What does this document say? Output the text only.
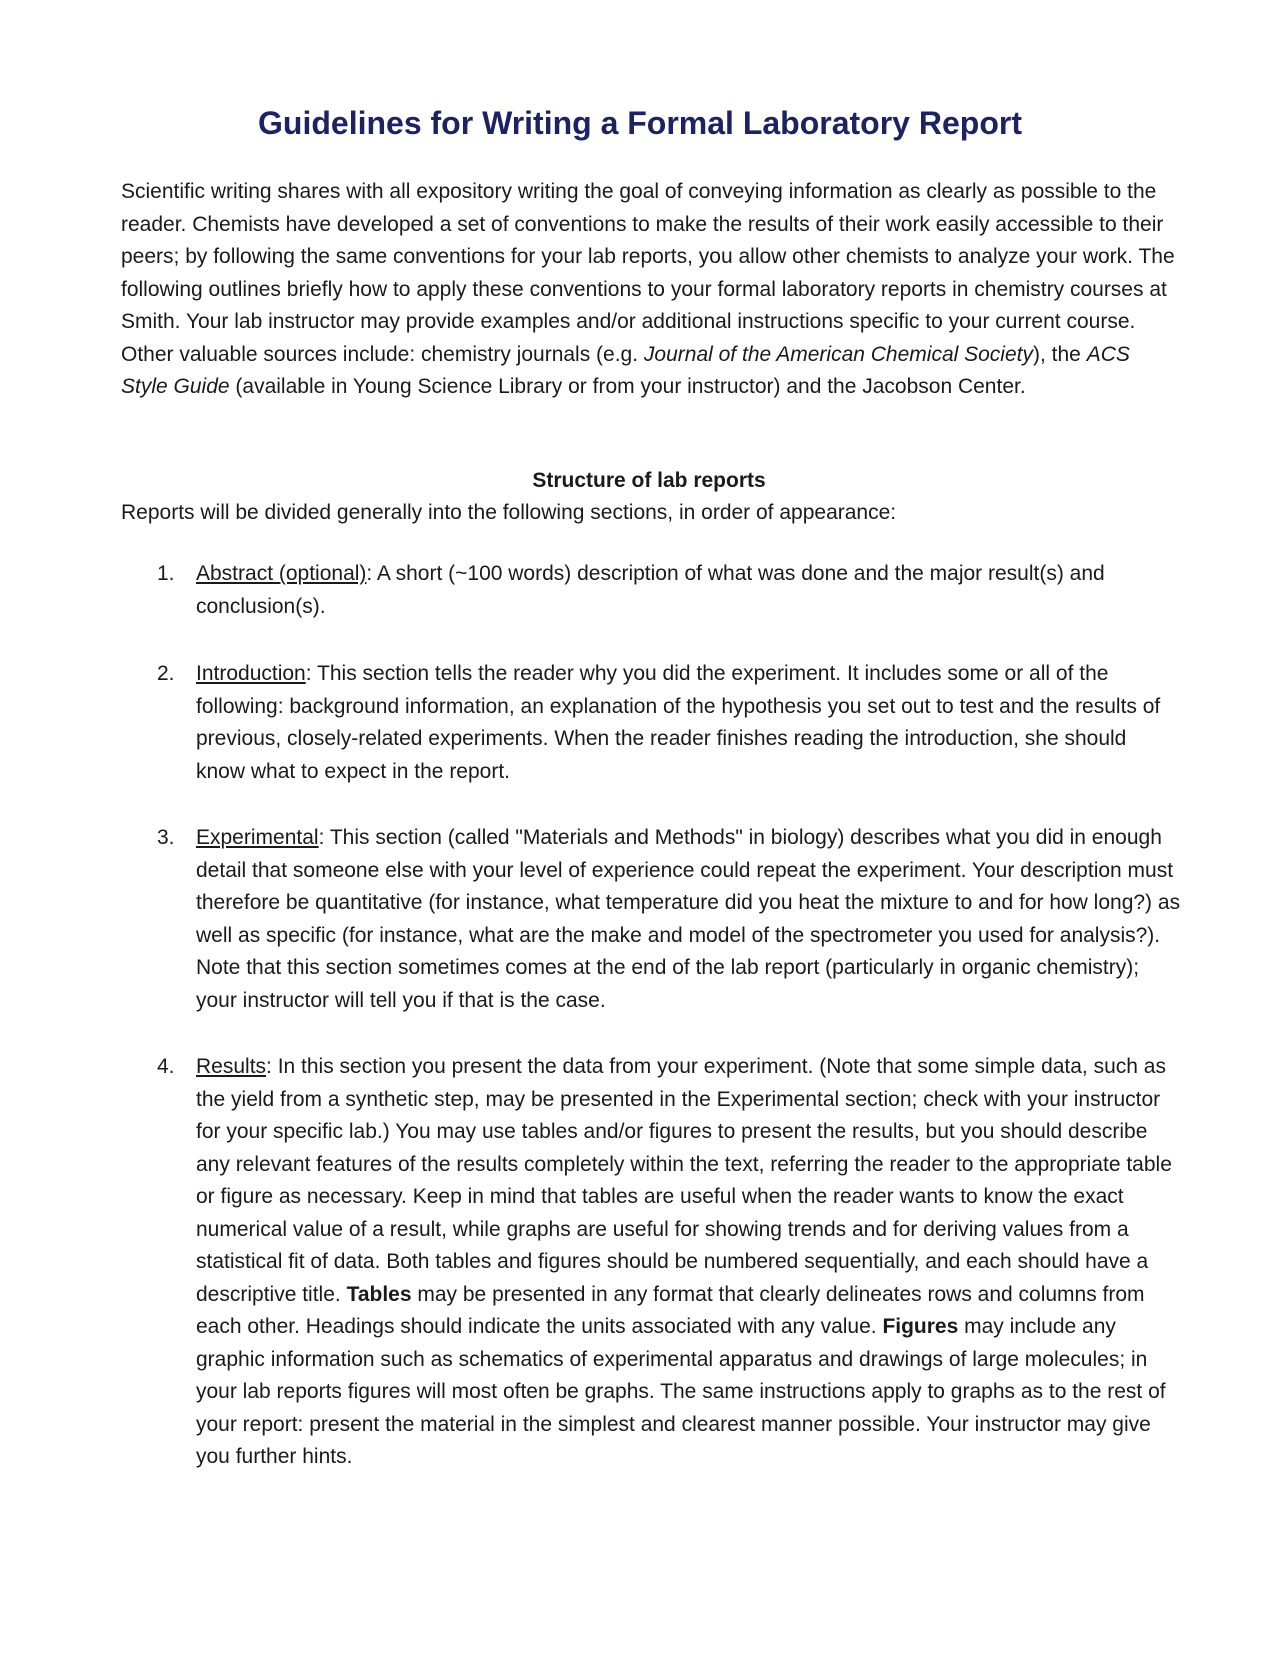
Guidelines for Writing a Formal Laboratory Report

Scientific writing shares with all expository writing the goal of conveying information as clearly as possible to the reader. Chemists have developed a set of conventions to make the results of their work easily accessible to their peers; by following the same conventions for your lab reports, you allow other chemists to analyze your work. The following outlines briefly how to apply these conventions to your formal laboratory reports in chemistry courses at Smith. Your lab instructor may provide examples and/or additional instructions specific to your current course. Other valuable sources include: chemistry journals (e.g. Journal of the American Chemical Society), the ACS Style Guide (available in Young Science Library or from your instructor) and the Jacobson Center.

Structure of lab reports

Reports will be divided generally into the following sections, in order of appearance:

1.	Abstract (optional): A short (~100 words) description of what was done and the major result(s) and conclusion(s).

2.	Introduction: This section tells the reader why you did the experiment. It includes some or all of the following: background information, an explanation of the hypothesis you set out to test and the results of previous, closely-related experiments. When the reader finishes reading the introduction, she should know what to expect in the report.

3.	Experimental: This section (called "Materials and Methods" in biology) describes what you did in enough detail that someone else with your level of experience could repeat the experiment. Your description must therefore be quantitative (for instance, what temperature did you heat the mixture to and for how long?) as well as specific (for instance, what are the make and model of the spectrometer you used for analysis?). Note that this section sometimes comes at the end of the lab report (particularly in organic chemistry); your instructor will tell you if that is the case.

4.	Results: In this section you present the data from your experiment. (Note that some simple data, such as the yield from a synthetic step, may be presented in the Experimental section; check with your instructor for your specific lab.) You may use tables and/or figures to present the results, but you should describe any relevant features of the results completely within the text, referring the reader to the appropriate table or figure as necessary. Keep in mind that tables are useful when the reader wants to know the exact numerical value of a result, while graphs are useful for showing trends and for deriving values from a statistical fit of data. Both tables and figures should be numbered sequentially, and each should have a descriptive title. Tables may be presented in any format that clearly delineates rows and columns from each other. Headings should indicate the units associated with any value. Figures may include any graphic information such as schematics of experimental apparatus and drawings of large molecules; in your lab reports figures will most often be graphs. The same instructions apply to graphs as to the rest of your report: present the material in the simplest and clearest manner possible. Your instructor may give you further hints.
